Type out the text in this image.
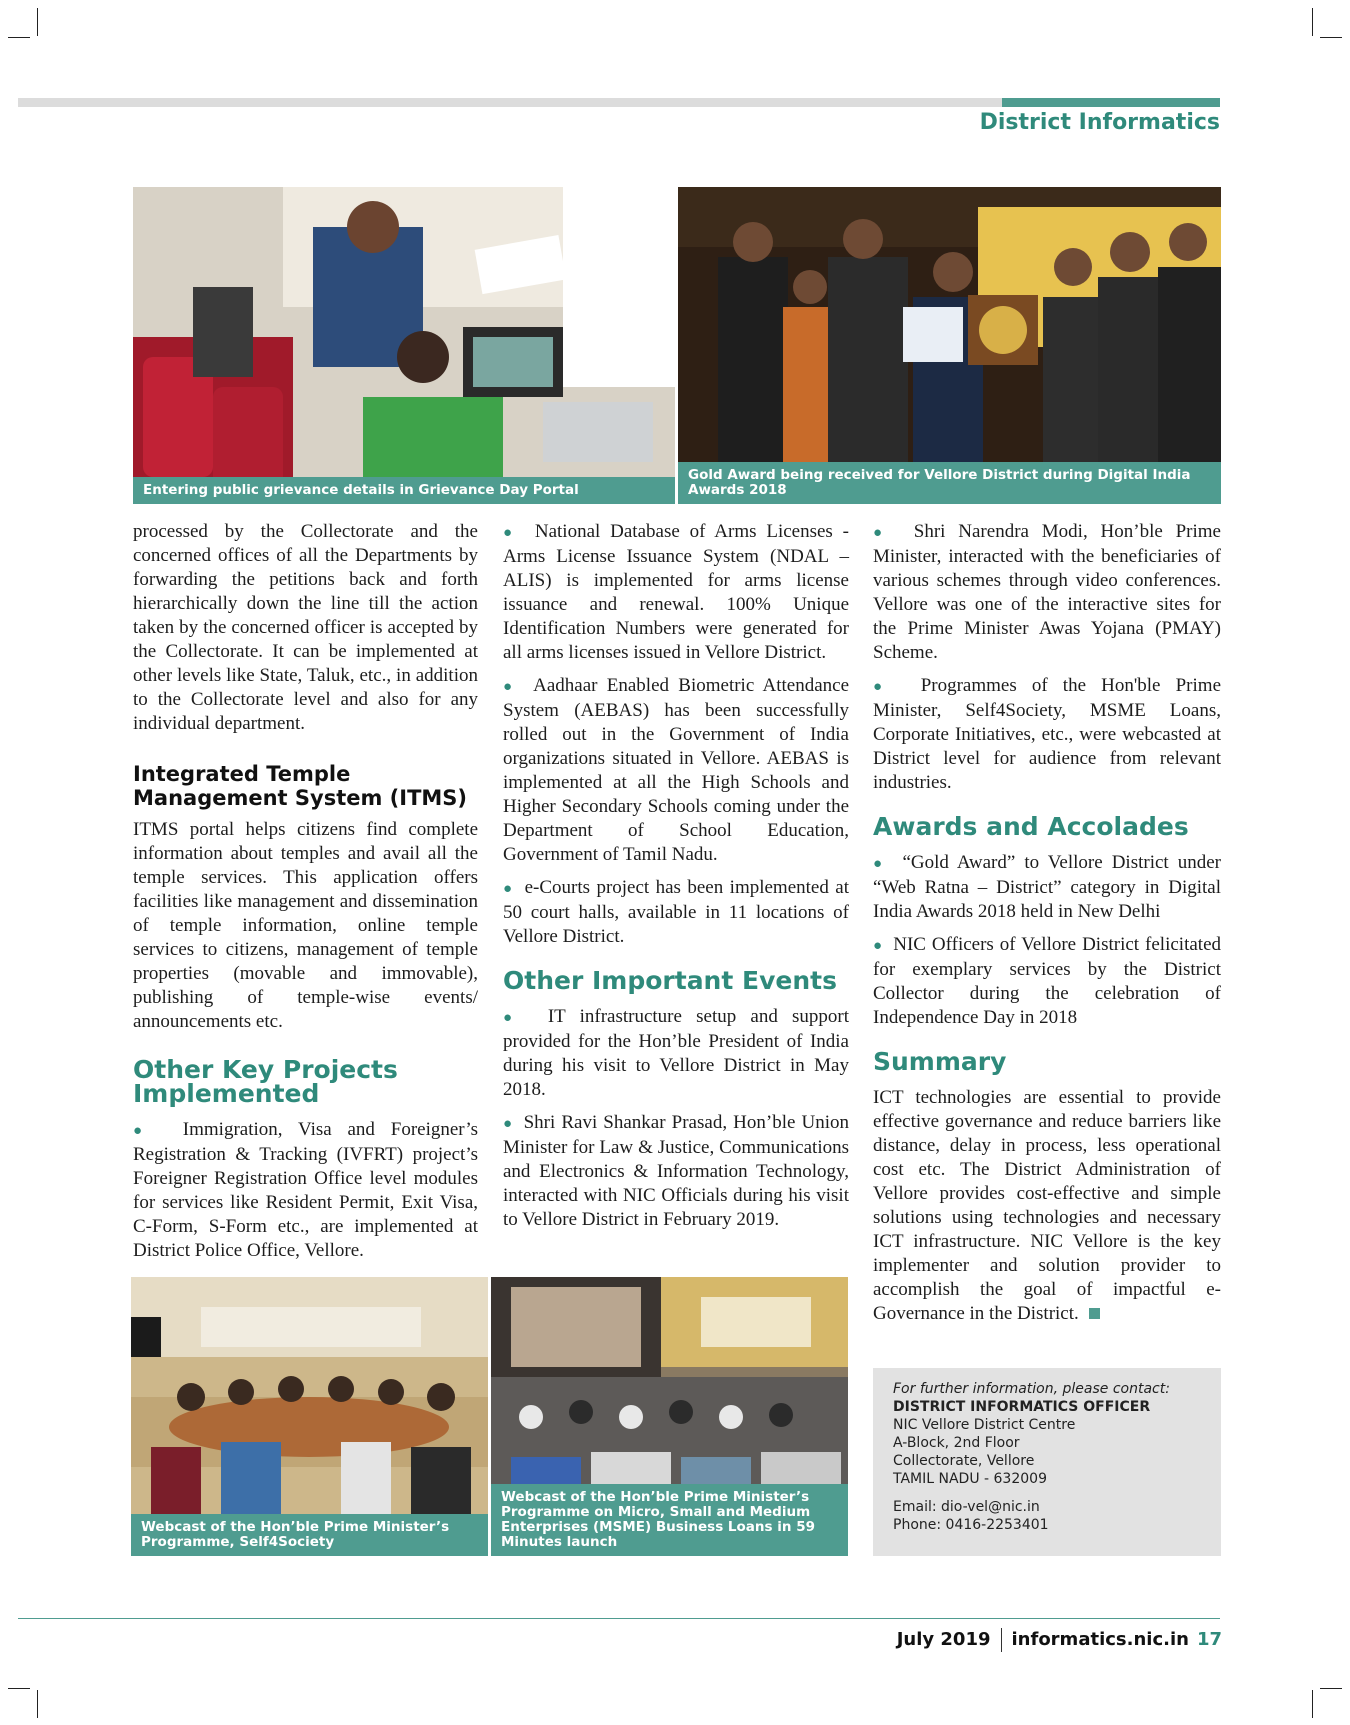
District Informatics
Entering public grievance details in Grievance Day Portal
Gold Award being received for Vellore District during Digital India Awards 2018

processed by the Collectorate and the concerned offices of all the Departments by forwarding the petitions back and forth hierarchically down the line till the action taken by the concerned officer is accepted by the Collectorate. It can be implemented at other levels like State, Taluk, etc., in addition to the Collectorate level and also for any individual department.

Integrated Temple Management System (ITMS)

ITMS portal helps citizens find complete information about temples and avail all the temple services. This application offers facilities like management and dissemination of temple information, online temple services to citizens, management of temple properties (movable and immovable), publishing of temple-wise events/ announcements etc.

Other Key Projects Implemented

●  Immigration, Visa and Foreigner’s Registration & Tracking (IVFRT) project’s Foreigner Registration Office level modules for services like Resident Permit, Exit Visa, C-Form, S-Form etc., are implemented at District Police Office, Vellore.

●  National Database of Arms Licenses - Arms License Issuance System (NDAL – ALIS) is implemented for arms license issuance and renewal. 100% Unique Identification Numbers were generated for all arms licenses issued in Vellore District.

●  Aadhaar Enabled Biometric Attendance System (AEBAS) has been successfully rolled out in the Government of India organizations situated in Vellore. AEBAS is implemented at all the High Schools and Higher Secondary Schools coming under the Department of School Education, Government of Tamil Nadu.

●  e-Courts project has been implemented at 50 court halls, available in 11 locations of Vellore District.

Other Important Events

●  IT infrastructure setup and support provided for the Hon’ble President of India during his visit to Vellore District in May 2018.

●  Shri Ravi Shankar Prasad, Hon’ble Union Minister for Law & Justice, Communications and Electronics & Information Technology, interacted with NIC Officials during his visit to Vellore District in February 2019.

●  Shri Narendra Modi, Hon’ble Prime Minister, interacted with the beneficiaries of various schemes through video conferences. Vellore was one of the interactive sites for the Prime Minister Awas Yojana (PMAY) Scheme.

●  Programmes of the Hon'ble Prime Minister, Self4Society, MSME Loans, Corporate Initiatives, etc., were webcasted at District level for audience from relevant industries.

Awards and Accolades

●  “Gold Award” to Vellore District under “Web Ratna – District” category in Digital India Awards 2018 held in New Delhi

●  NIC Officers of Vellore District felicitated for exemplary services by the District Collector during the celebration of Independence Day in 2018

Summary

ICT technologies are essential to provide effective governance and reduce barriers like distance, delay in process, less operational cost etc. The District Administration of Vellore provides cost-effective and simple solutions using technologies and necessary ICT infrastructure. NIC Vellore is the key implementer and solution provider to accomplish the goal of impactful e-Governance in the District.

Webcast of the Hon’ble Prime Minister’s Programme, Self4Society
Webcast of the Hon’ble Prime Minister’s Programme on Micro, Small and Medium Enterprises (MSME) Business Loans in 59 Minutes launch
For further information, please contact:
DISTRICT INFORMATICS OFFICER
NIC Vellore District Centre
A-Block, 2nd Floor
Collectorate, Vellore
TAMIL NADU - 632009
Email: dio-vel@nic.in
Phone: 0416-2253401
July 2019 informatics.nic.in 17
